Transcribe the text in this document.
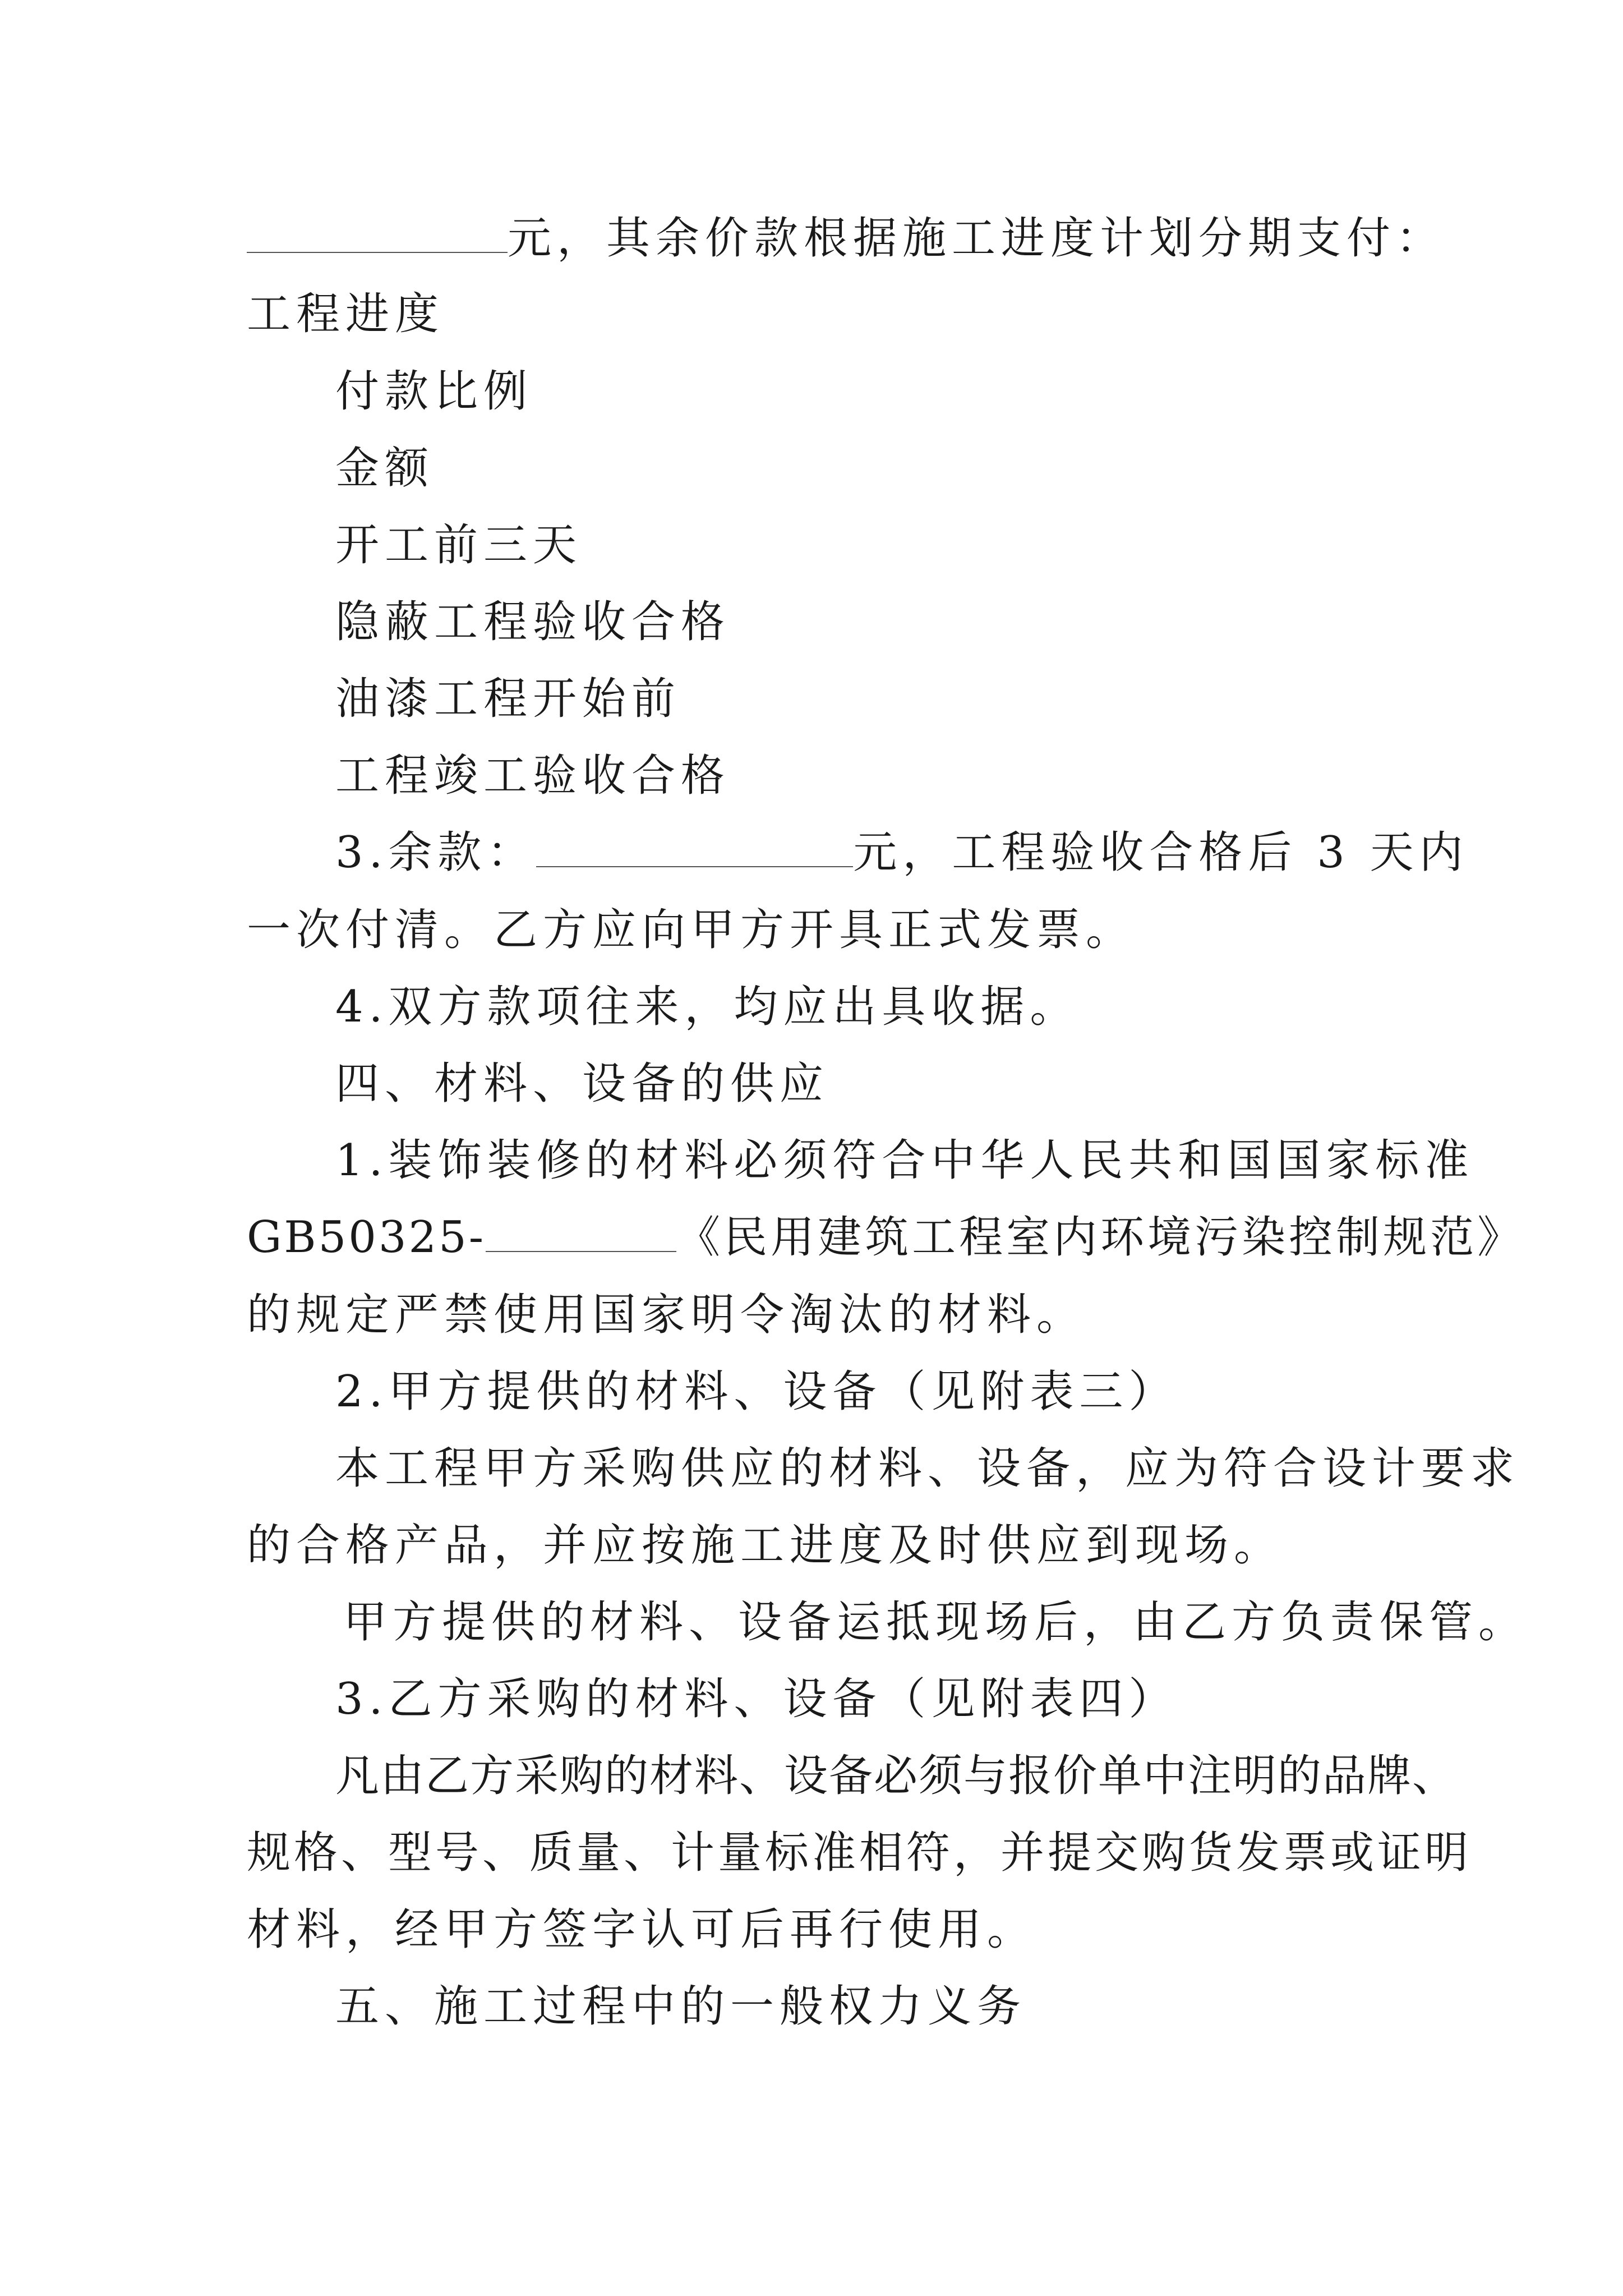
元，其余价款根据施工进度计划分期支付：
工程进度
付款比例
金额
开工前三天
隐蔽工程验收合格
油漆工程开始前
工程竣工验收合格
3.余款：	元，工程验收合格后 3 天内
一次付清。乙方应向甲方开具正式发票。
4.双方款项往来，均应出具收据。
四、材料、设备的供应
1.装饰装修的材料必须符合中华人民共和国国家标准
GB50325-	《民用建筑工程室内环境污染控制规范》
的规定严禁使用国家明令淘汰的材料。
2.甲方提供的材料、设备（见附表三）
本工程甲方采购供应的材料、设备，应为符合设计要求
的合格产品，并应按施工进度及时供应到现场。
甲方提供的材料、设备运抵现场后，由乙方负责保管。
3.乙方采购的材料、设备（见附表四）
凡由乙方采购的材料、设备必须与报价单中注明的品牌、
规格、型号、质量、计量标准相符，并提交购货发票或证明
材料，经甲方签字认可后再行使用。
五、施工过程中的一般权力义务
